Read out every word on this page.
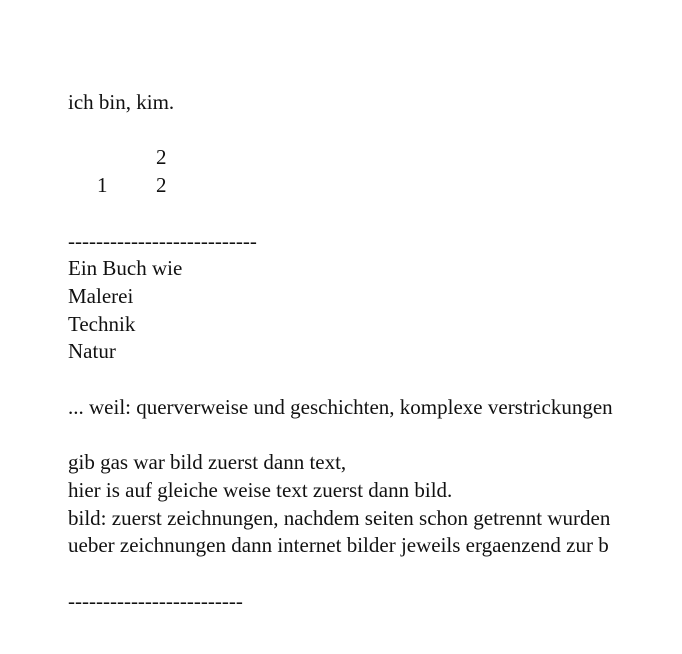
ich bin, kim.
2
1 2
---------------------------
Ein Buch wie
Malerei
Technik
Natur
... weil: querverweise und geschichten, komplexe verstrickungen
gib gas war bild zuerst dann text,
hier is auf gleiche weise text zuerst dann bild.
bild: zuerst zeichnungen, nachdem seiten schon getrennt wurden
ueber zeichnungen dann internet bilder jeweils ergaenzend zur b
-------------------------
